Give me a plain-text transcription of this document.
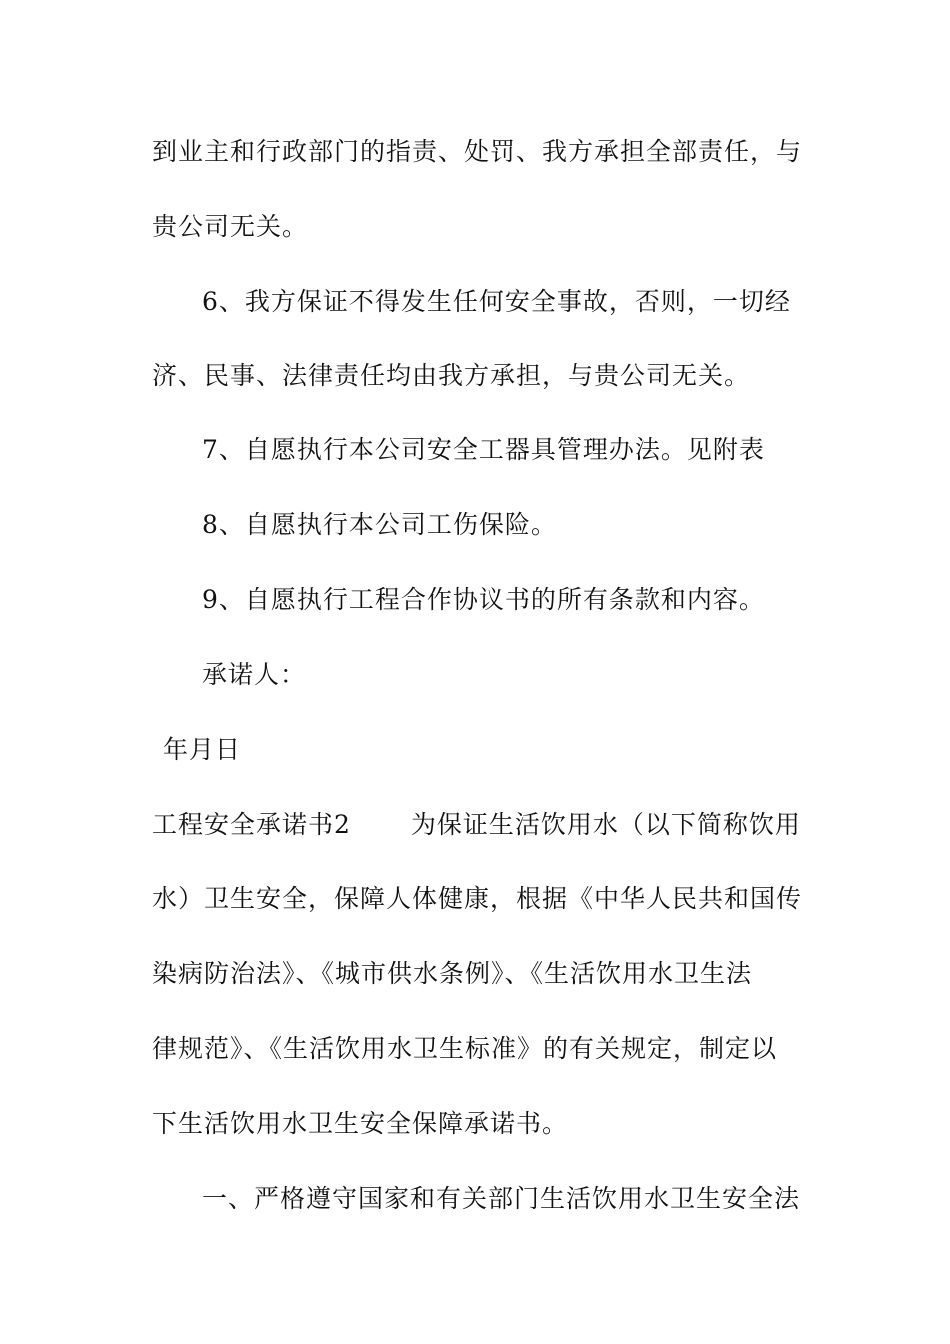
到业主和行政部门的指责、处罚、我方承担全部责任，与
贵公司无关。
6、我方保证不得发生任何安全事故，否则，一切经
济、民事、法律责任均由我方承担，与贵公司无关。
7、自愿执行本公司安全工器具管理办法。见附表
8、自愿执行本公司工伤保险。
9、自愿执行工程合作协议书的所有条款和内容。
承诺人：
年月日
工程安全承诺书2 为保证生活饮用水（以下简称饮用
水）卫生安全，保障人体健康，根据《中华人民共和国传
染病防治法》、《城市供水条例》、《生活饮用水卫生法
律规范》、《生活饮用水卫生标准》的有关规定，制定以
下生活饮用水卫生安全保障承诺书。
一、严格遵守国家和有关部门生活饮用水卫生安全法
